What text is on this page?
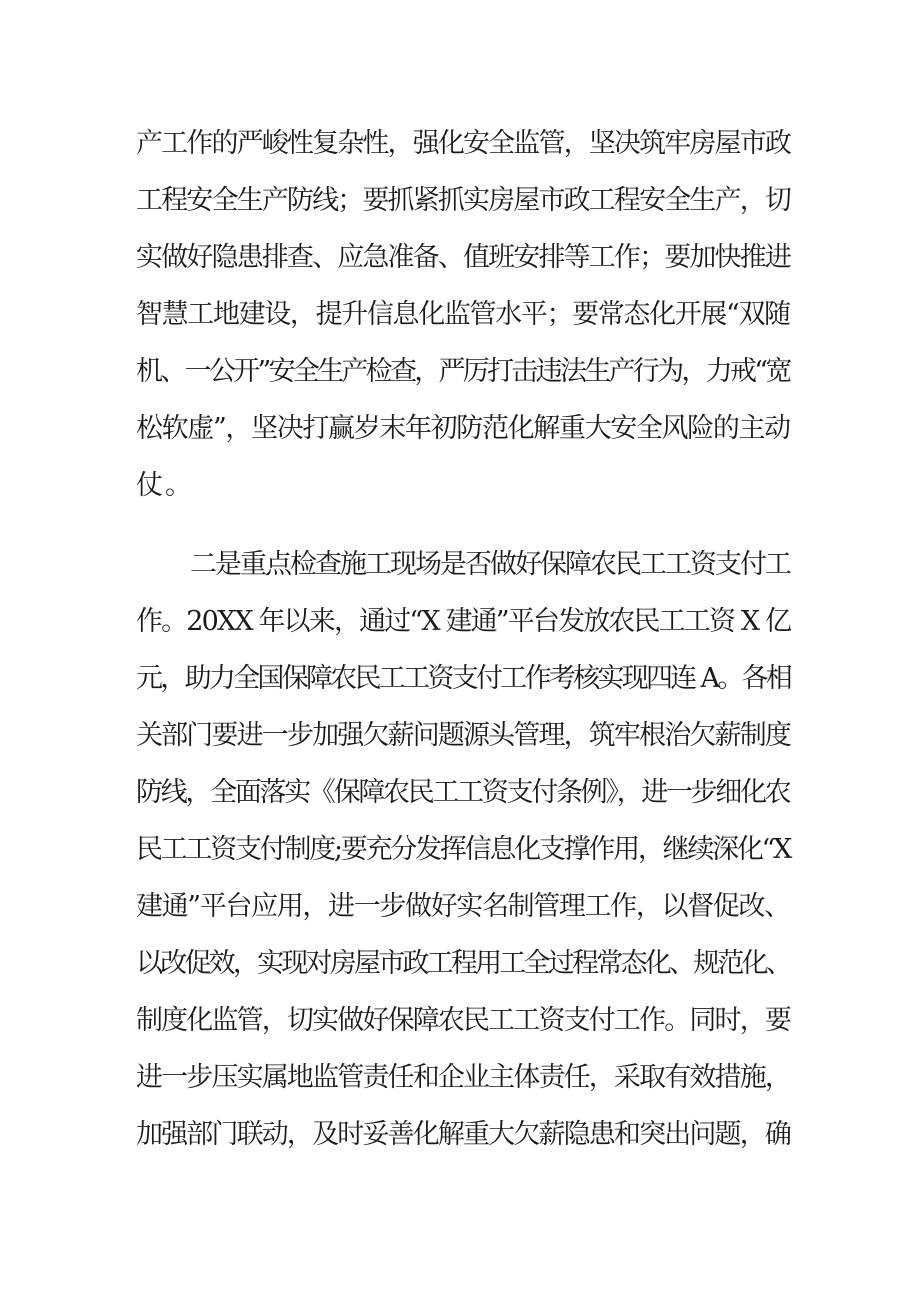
产工作的严峻性复杂性，强化安全监管，坚决筑牢房屋市政
工程安全生产防线；要抓紧抓实房屋市政工程安全生产，切
实做好隐患排查、应急准备、值班安排等工作；要加快推进
智慧工地建设，提升信息化监管水平；要常态化开展“双随
机、一公开”安全生产检查，严厉打击违法生产行为，力戒“宽
松软虚”，坚决打赢岁末年初防范化解重大安全风险的主动
仗。
二是重点检查施工现场是否做好保障农民工工资支付工
作。20XX 年以来，通过“X 建通”平台发放农民工工资 X 亿
元，助力全国保障农民工工资支付工作考核实现四连 A。各相
关部门要进一步加强欠薪问题源头管理，筑牢根治欠薪制度
防线，全面落实《保障农民工工资支付条例》，进一步细化农
民工工资支付制度;要充分发挥信息化支撑作用，继续深化“X
建通”平台应用，进一步做好实名制管理工作，以督促改、
以改促效，实现对房屋市政工程用工全过程常态化、规范化、
制度化监管，切实做好保障农民工工资支付工作。同时，要
进一步压实属地监管责任和企业主体责任，采取有效措施，
加强部门联动，及时妥善化解重大欠薪隐患和突出问题，确
